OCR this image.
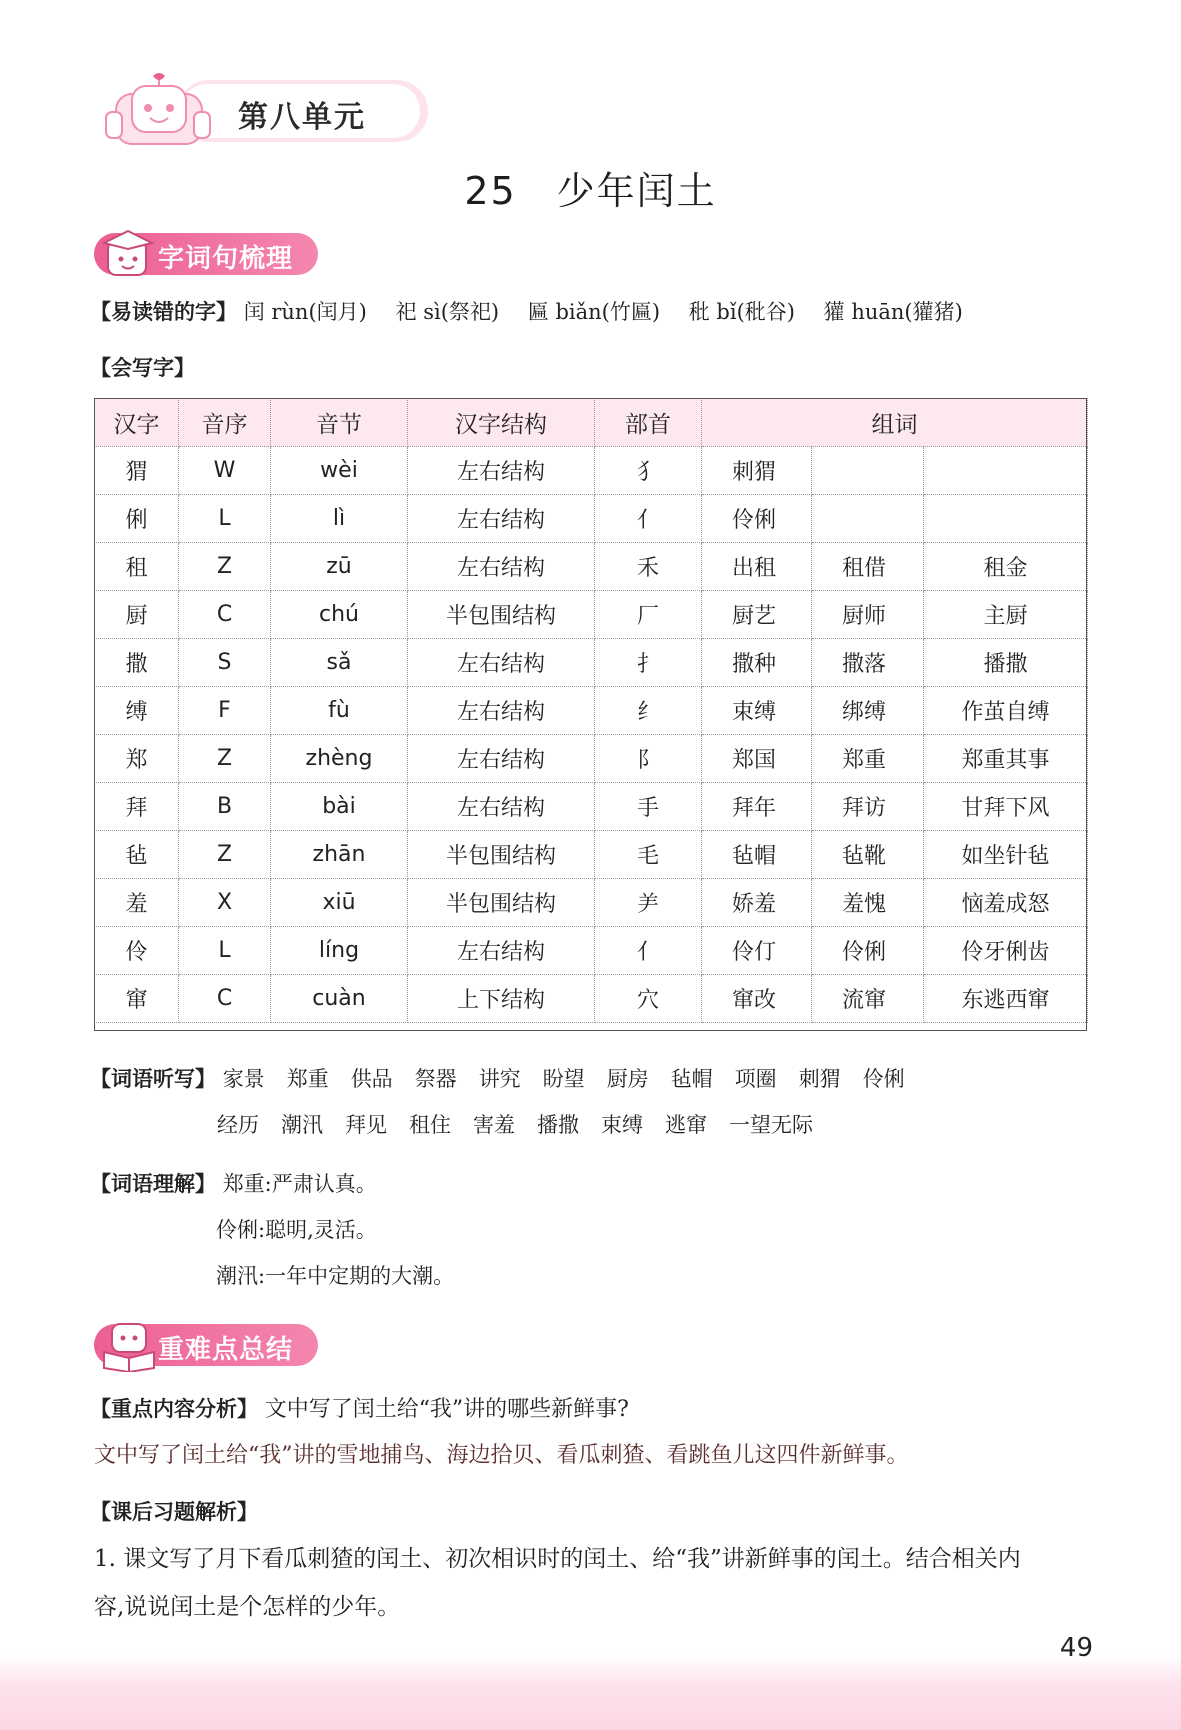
第八单元
25　少年闰土
字词句梳理
【易读错的字】 闰 rùn(闰月) 祀 sì(祭祀) 匾 biǎn(竹匾) 秕 bǐ(秕谷) 獾 huān(獾猪)
【会写字】
汉字	音序	音节	汉字结构	部首	组词		
猬	W	wèi	左右结构	犭	刺猬		
俐	L	lì	左右结构	亻	伶俐		
租	Z	zū	左右结构	禾	出租	租借	租金
厨	C	chú	半包围结构	厂	厨艺	厨师	主厨
撒	S	sǎ	左右结构	扌	撒种	撒落	播撒
缚	F	fù	左右结构	纟	束缚	绑缚	作茧自缚
郑	Z	zhèng	左右结构	阝	郑国	郑重	郑重其事
拜	B	bài	左右结构	手	拜年	拜访	甘拜下风
毡	Z	zhān	半包围结构	毛	毡帽	毡靴	如坐针毡
羞	X	xiū	半包围结构	⺶	娇羞	羞愧	恼羞成怒
伶	L	líng	左右结构	亻	伶仃	伶俐	伶牙俐齿
窜	C	cuàn	上下结构	穴	窜改	流窜	东逃西窜
【词语听写】 家景 郑重 供品 祭器 讲究 盼望 厨房 毡帽 项圈 刺猬 伶俐
经历 潮汛 拜见 租住 害羞 播撒 束缚 逃窜 一望无际
【词语理解】 郑重:严肃认真。
伶俐:聪明,灵活。
潮汛:一年中定期的大潮。
重难点总结
【重点内容分析】 文中写了闰土给“我”讲的哪些新鲜事?
文中写了闰土给“我”讲的雪地捕鸟、海边拾贝、看瓜刺猹、看跳鱼儿这四件新鲜事。
【课后习题解析】
1. 课文写了月下看瓜刺猹的闰土、初次相识时的闰土、给“我”讲新鲜事的闰土。结合相关内
容,说说闰土是个怎样的少年。
49
